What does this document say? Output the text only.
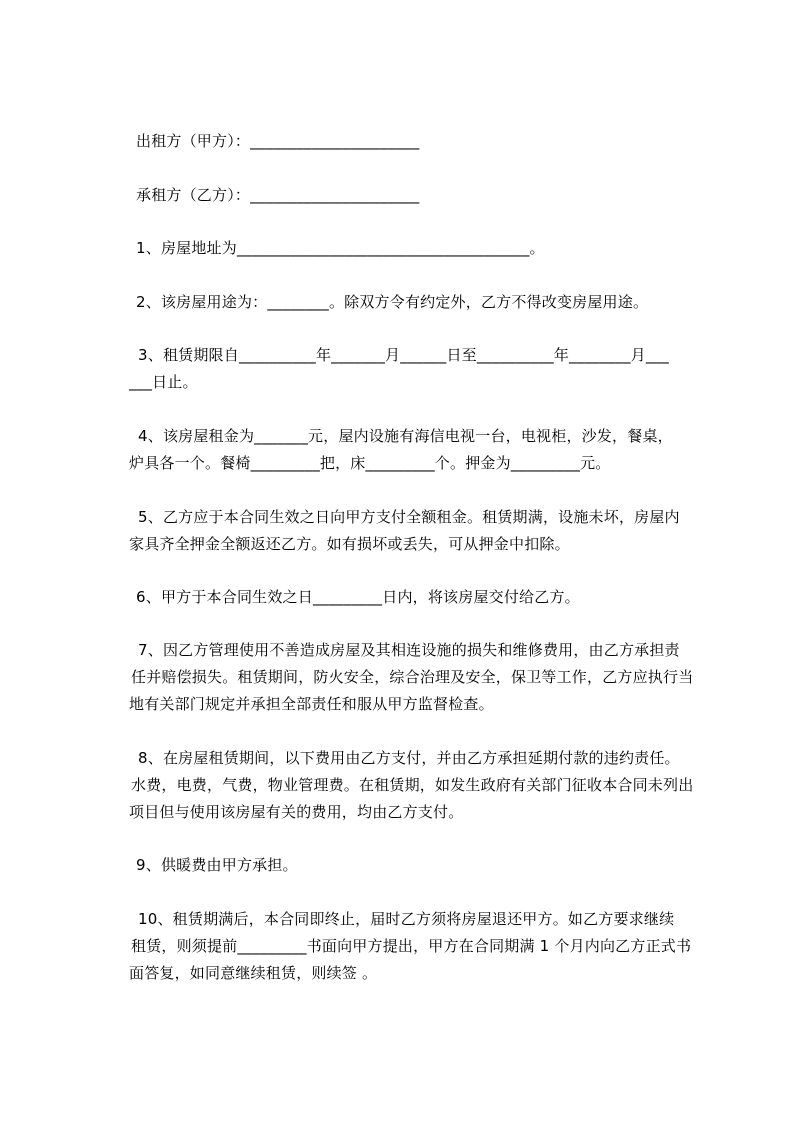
出租方（甲方）：______________________
承租方（乙方）：______________________
1、房屋地址为______________________________________。
2、该房屋用途为：________。除双方令有约定外，乙方不得改变房屋用途。
3、租赁期限自__________年_______月______日至__________年________月___
___日止。
4、该房屋租金为_______元，屋内设施有海信电视一台，电视柜，沙发，餐桌，
炉具各一个。餐椅_________把，床_________个。押金为_________元。
5、乙方应于本合同生效之日向甲方支付全额租金。租赁期满，设施未坏，房屋内
家具齐全押金全额返还乙方。如有损坏或丢失，可从押金中扣除。
6、甲方于本合同生效之日_________日内，将该房屋交付给乙方。
7、因乙方管理使用不善造成房屋及其相连设施的损失和维修费用，由乙方承担责
任并赔偿损失。租赁期间，防火安全，综合治理及安全，保卫等工作，乙方应执行当
地有关部门规定并承担全部责任和服从甲方监督检查。
8、在房屋租赁期间，以下费用由乙方支付，并由乙方承担延期付款的违约责任。
水费，电费，气费，物业管理费。在租赁期，如发生政府有关部门征收本合同未列出
项目但与使用该房屋有关的费用，均由乙方支付。
9、供暖费由甲方承担。
10、租赁期满后，本合同即终止，届时乙方须将房屋退还甲方。如乙方要求继续
租赁，则须提前_________书面向甲方提出，甲方在合同期满 1 个月内向乙方正式书
面答复，如同意继续租赁，则续签 。
